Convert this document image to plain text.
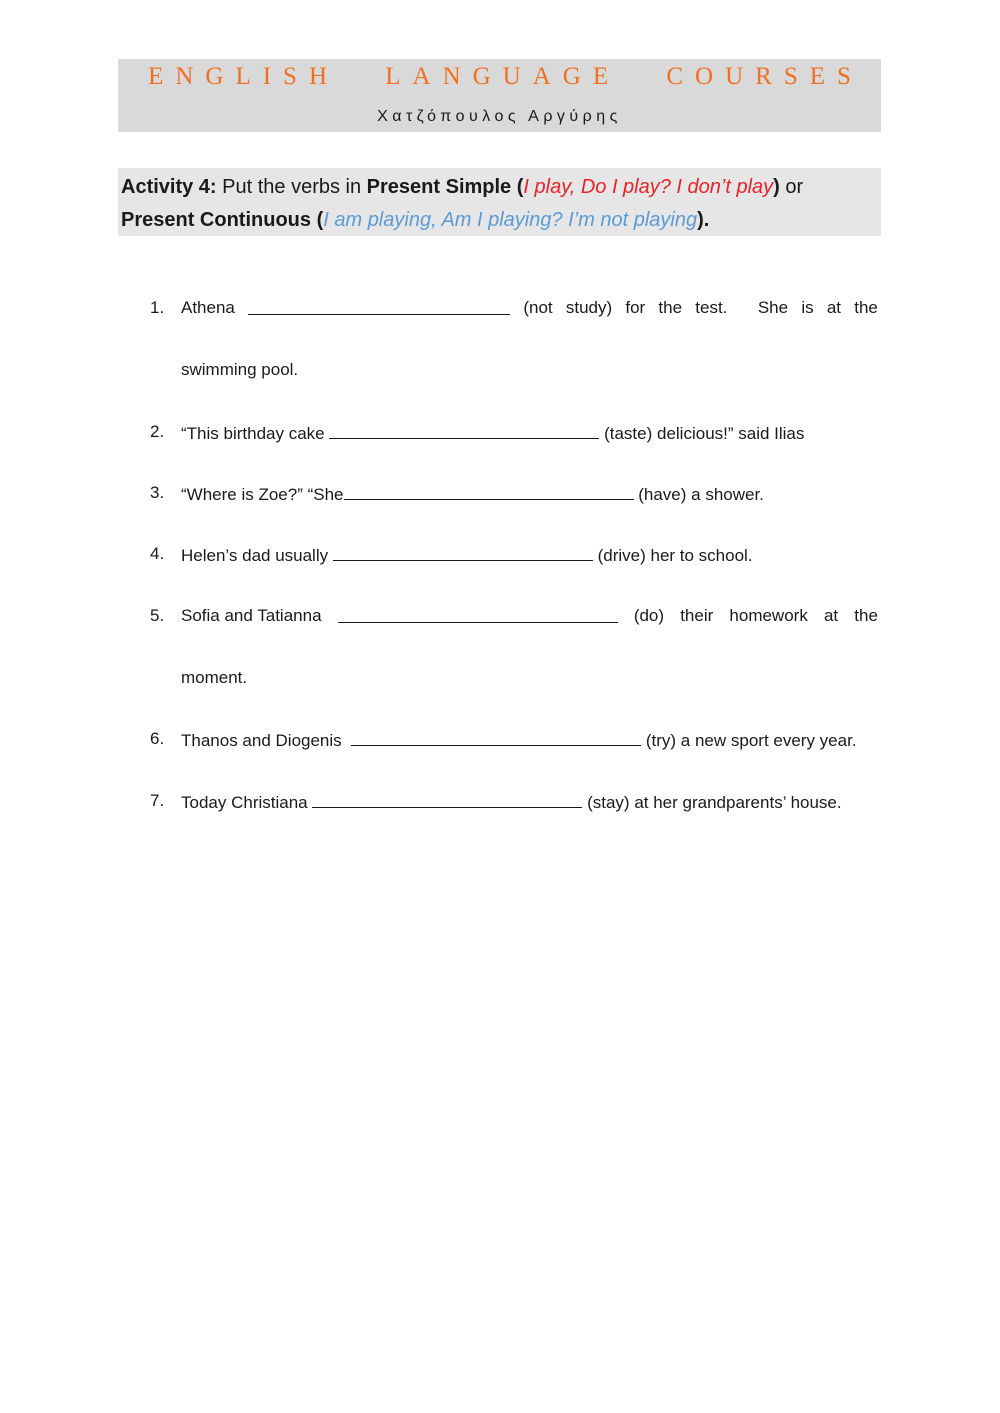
ENGLISH LANGUAGE COURSES
Χατζόπουλος Αργύρης
Activity 4: Put the verbs in Present Simple (I play, Do I play? I don’t play) or
Present Continuous (I am playing, Am I playing? I’m not playing).
1. Athena	(not study) for the test. She is at the
swimming pool.
2. “This birthday cake	(taste) delicious!” said Ilias
3. “Where is Zoe?” “She	(have) a shower.
4. Helen’s dad usually	(drive) her to school.
5. Sofia and Tatianna	(do) their homework at the
moment.
6. Thanos and Diogenis	(try) a new sport every year.
7. Today Christiana	(stay) at her grandparents’ house.
